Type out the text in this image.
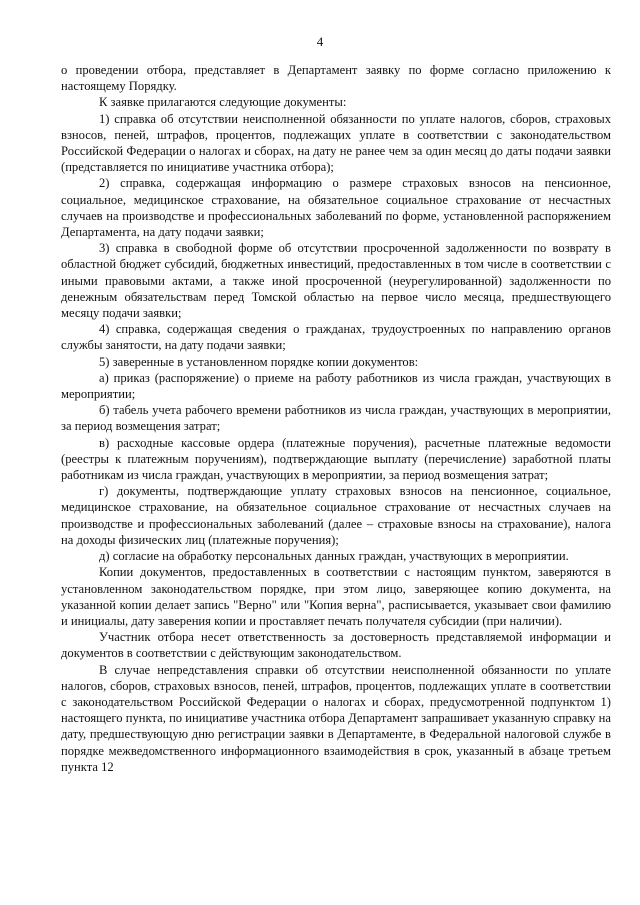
4

о проведении отбора, представляет в Департамент заявку по форме согласно приложению к настоящему Порядку.

К заявке прилагаются следующие документы:

1) справка об отсутствии неисполненной обязанности по уплате налогов, сборов, страховых взносов, пеней, штрафов, процентов, подлежащих уплате в соответствии с законодательством Российской Федерации о налогах и сборах, на дату не ранее чем за один месяц до даты подачи заявки (представляется по инициативе участника отбора);

2) справка, содержащая информацию о размере страховых взносов на пенсионное, социальное, медицинское страхование, на обязательное социальное страхование от несчастных случаев на производстве и профессиональных заболеваний по форме, установленной распоряжением Департамента, на дату подачи заявки;

3) справка в свободной форме об отсутствии просроченной задолженности по возврату в областной бюджет субсидий, бюджетных инвестиций, предоставленных в том числе в соответствии с иными правовыми актами, а также иной просроченной (неурегулированной) задолженности по денежным обязательствам перед Томской областью на первое число месяца, предшествующего месяцу подачи заявки;

4) справка, содержащая сведения о гражданах, трудоустроенных по направлению органов службы занятости, на дату подачи заявки;

5) заверенные в установленном порядке копии документов:

а) приказ (распоряжение) о приеме на работу работников из числа граждан, участвующих в мероприятии;

б) табель учета рабочего времени работников из числа граждан, участвующих в мероприятии, за период возмещения затрат;

в) расходные кассовые ордера (платежные поручения), расчетные платежные ведомости (реестры к платежным поручениям), подтверждающие выплату (перечисление) заработной платы работникам из числа граждан, участвующих в мероприятии, за период возмещения затрат;

г) документы, подтверждающие уплату страховых взносов на пенсионное, социальное, медицинское страхование, на обязательное социальное страхование от несчастных случаев на производстве и профессиональных заболеваний (далее – страховые взносы на страхование), налога на доходы физических лиц (платежные поручения);

д) согласие на обработку персональных данных граждан, участвующих в мероприятии.

Копии документов, предоставленных в соответствии с настоящим пунктом, заверяются в установленном законодательством порядке, при этом лицо, заверяющее копию документа, на указанной копии делает запись "Верно" или "Копия верна", расписывается, указывает свои фамилию и инициалы, дату заверения копии и проставляет печать получателя субсидии (при наличии).

Участник отбора несет ответственность за достоверность представляемой информации и документов в соответствии с действующим законодательством.

В случае непредставления справки об отсутствии неисполненной обязанности по уплате налогов, сборов, страховых взносов, пеней, штрафов, процентов, подлежащих уплате в соответствии с законодательством Российской Федерации о налогах и сборах, предусмотренной подпунктом 1) настоящего пункта, по инициативе участника отбора Департамент запрашивает указанную справку на дату, предшествующую дню регистрации заявки в Департаменте, в Федеральной налоговой службе в порядке межведомственного информационного взаимодействия в срок, указанный в абзаце третьем пункта 12
